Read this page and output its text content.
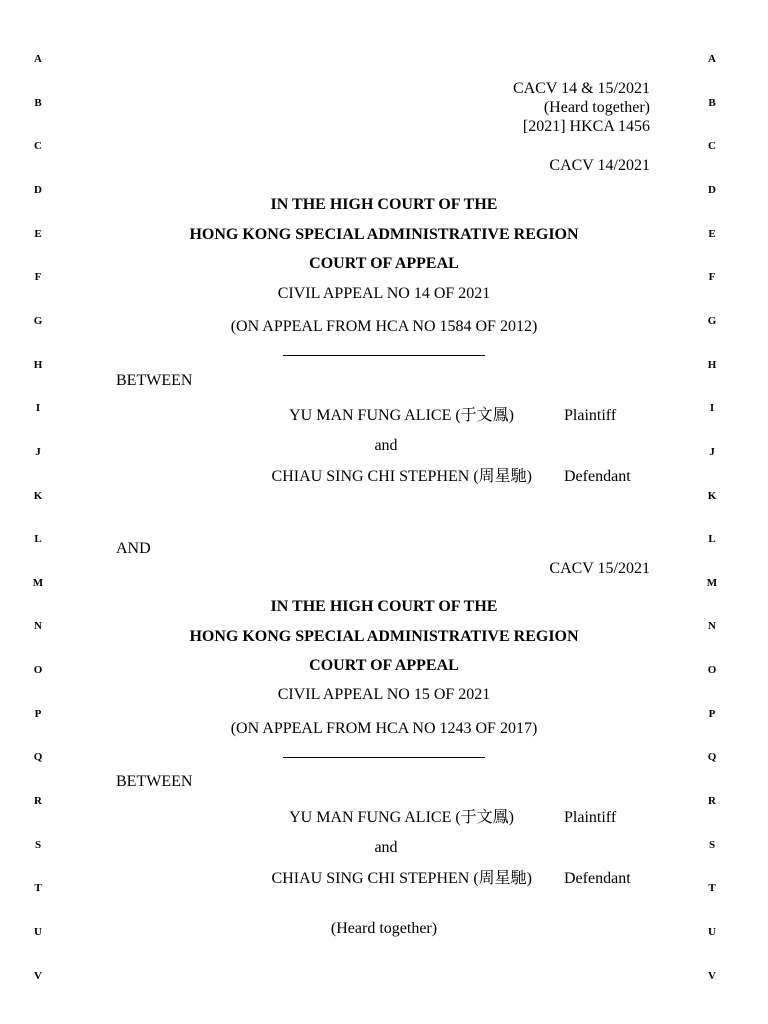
A
B
C
D
E
F
G
H
I
J
K
L
M
N
O
P
Q
R
S
T
U
V
A
B
C
D
E
F
G
H
I
J
K
L
M
N
O
P
Q
R
S
T
U
V
CACV 14 & 15/2021
(Heard together)
[2021] HKCA 1456
CACV 14/2021
IN THE HIGH COURT OF THE
HONG KONG SPECIAL ADMINISTRATIVE REGION
COURT OF APPEAL
CIVIL APPEAL NO 14 OF 2021
(ON APPEAL FROM HCA NO 1584 OF 2012)
BETWEEN
YU MAN FUNG ALICE (于文鳳)	Plaintiff
and
CHIAU SING CHI STEPHEN (周星馳) Defendant
AND
CACV 15/2021
IN THE HIGH COURT OF THE
HONG KONG SPECIAL ADMINISTRATIVE REGION
COURT OF APPEAL
CIVIL APPEAL NO 15 OF 2021
(ON APPEAL FROM HCA NO 1243 OF 2017)
BETWEEN
YU MAN FUNG ALICE (于文鳳)	Plaintiff
and
CHIAU SING CHI STEPHEN (周星馳) Defendant
(Heard together)
